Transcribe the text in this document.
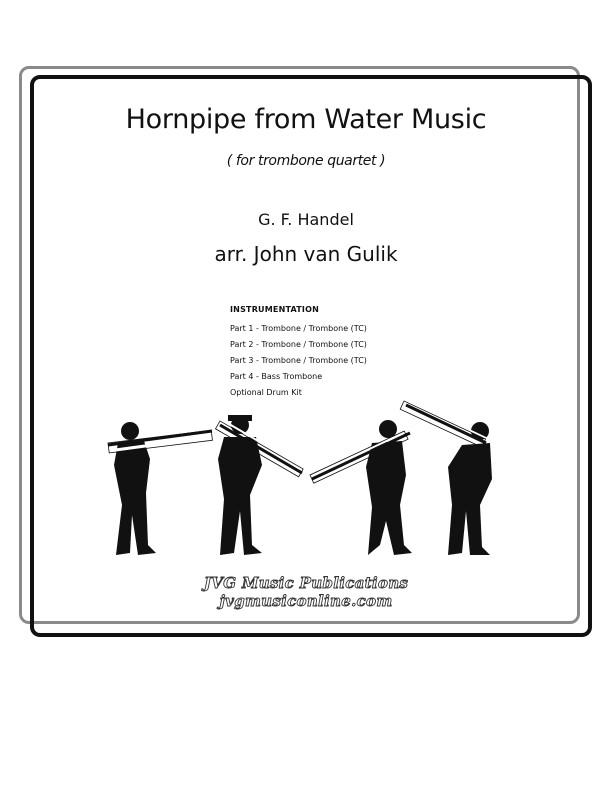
Hornpipe from Water Music
( for trombone quartet )
G. F. Handel
arr. John van Gulik
INSTRUMENTATION
Part 1 - Trombone / Trombone (TC)
Part 2 - Trombone / Trombone (TC)
Part 3 - Trombone / Trombone (TC)
Part 4 - Bass Trombone
Optional Drum Kit
JVG Music Publications
jvgmusiconline.com
